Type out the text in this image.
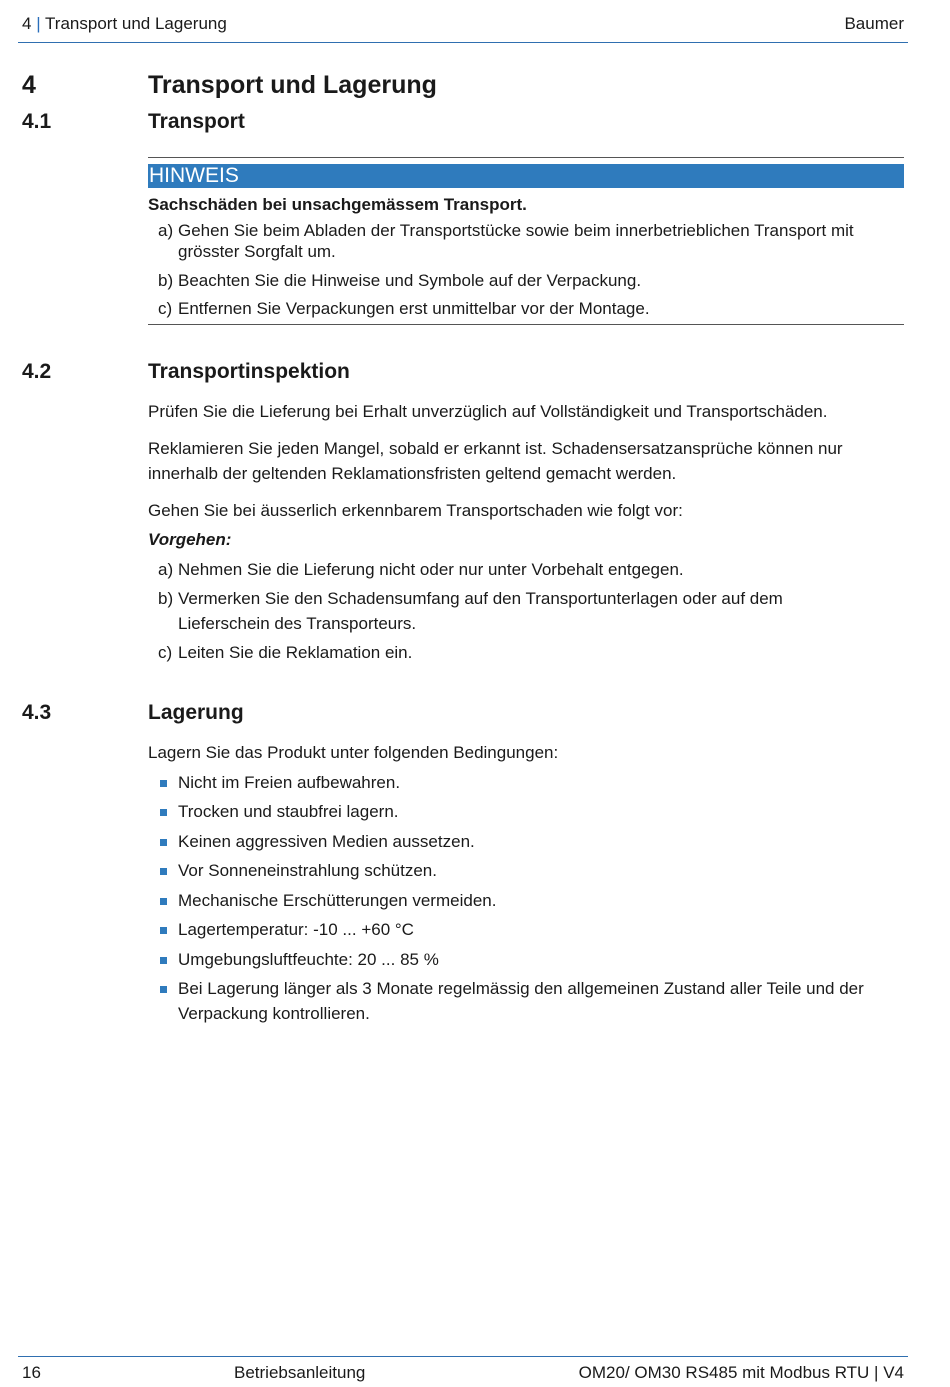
4 | Transport und Lagerung	Baumer
4	Transport und Lagerung
4.1	Transport
HINWEIS
Sachschäden bei unsachgemässem Transport.
a) Gehen Sie beim Abladen der Transportstücke sowie beim innerbetrieblichen Transport mit grösster Sorgfalt um.
b) Beachten Sie die Hinweise und Symbole auf der Verpackung.
c) Entfernen Sie Verpackungen erst unmittelbar vor der Montage.
4.2	Transportinspektion
Prüfen Sie die Lieferung bei Erhalt unverzüglich auf Vollständigkeit und Transportschäden.
Reklamieren Sie jeden Mangel, sobald er erkannt ist. Schadensersatzansprüche können nur innerhalb der geltenden Reklamationsfristen geltend gemacht werden.
Gehen Sie bei äusserlich erkennbarem Transportschaden wie folgt vor:
Vorgehen:
a) Nehmen Sie die Lieferung nicht oder nur unter Vorbehalt entgegen.
b) Vermerken Sie den Schadensumfang auf den Transportunterlagen oder auf dem Lieferschein des Transporteurs.
c) Leiten Sie die Reklamation ein.
4.3	Lagerung
Lagern Sie das Produkt unter folgenden Bedingungen:
Nicht im Freien aufbewahren.
Trocken und staubfrei lagern.
Keinen aggressiven Medien aussetzen.
Vor Sonneneinstrahlung schützen.
Mechanische Erschütterungen vermeiden.
Lagertemperatur: -10 ... +60 °C
Umgebungsluftfeuchte: 20 ... 85 %
Bei Lagerung länger als 3 Monate regelmässig den allgemeinen Zustand aller Teile und der Verpackung kontrollieren.
16	Betriebsanleitung	OM20/ OM30 RS485 mit Modbus RTU | V4
